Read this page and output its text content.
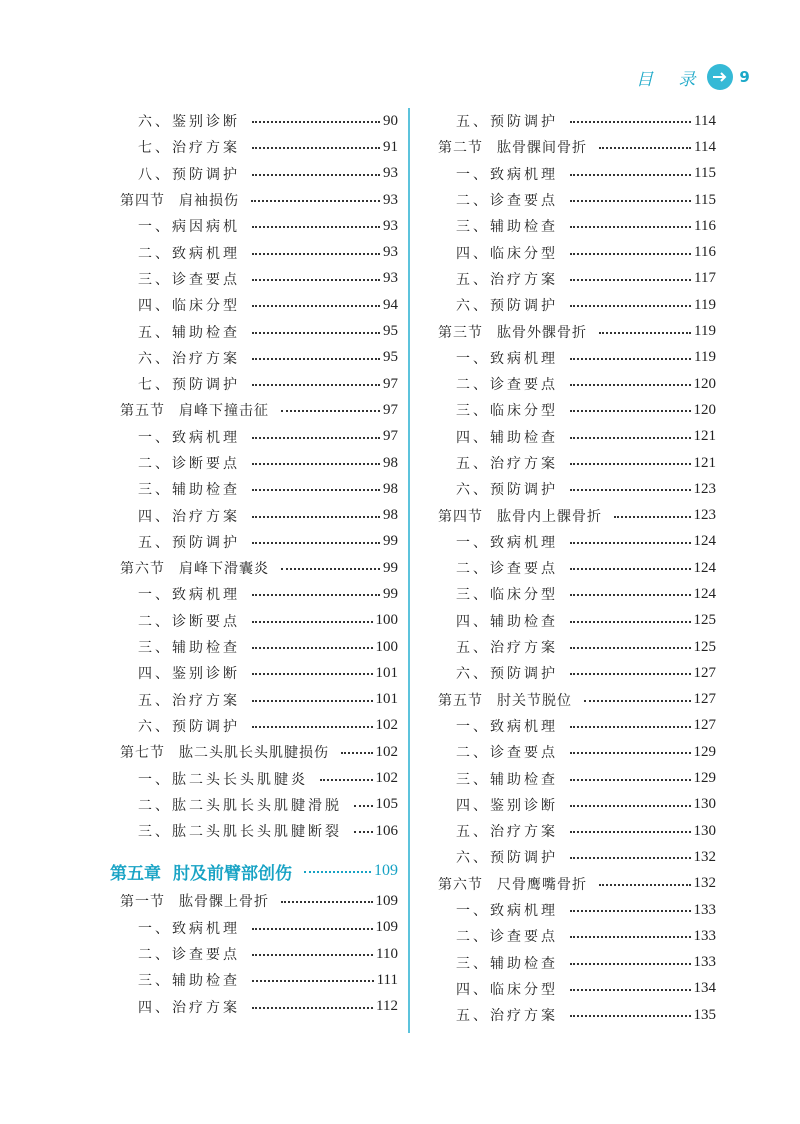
目 录 9
六、鉴别诊断	90
七、治疗方案	91
八、预防调护	93
第四节 肩袖损伤	93
一、病因病机	93
二、致病机理	93
三、诊查要点	93
四、临床分型	94
五、辅助检查	95
六、治疗方案	95
七、预防调护	97
第五节 肩峰下撞击征	97
一、致病机理	97
二、诊断要点	98
三、辅助检查	98
四、治疗方案	98
五、预防调护	99
第六节 肩峰下滑囊炎	99
一、致病机理	99
二、诊断要点	100
三、辅助检查	100
四、鉴别诊断	101
五、治疗方案	101
六、预防调护	102
第七节 肱二头肌长头肌腱损伤	102
一、肱二头长头肌腱炎	102
二、肱二头肌长头肌腱滑脱 105
三、肱二头肌长头肌腱断裂 106
第五章 肘及前臂部创伤	109
第一节 肱骨髁上骨折	109
一、致病机理	109
二、诊查要点	110
三、辅助检查	111
四、治疗方案	112
五、预防调护	114
第二节 肱骨髁间骨折	114
一、致病机理	115
二、诊查要点	115
三、辅助检查	116
四、临床分型	116
五、治疗方案	117
六、预防调护	119
第三节 肱骨外髁骨折	119
一、致病机理	119
二、诊查要点	120
三、临床分型	120
四、辅助检查	121
五、治疗方案	121
六、预防调护	123
第四节 肱骨内上髁骨折	123
一、致病机理	124
二、诊查要点	124
三、临床分型	124
四、辅助检查	125
五、治疗方案	125
六、预防调护	127
第五节 肘关节脱位	127
一、致病机理	127
二、诊查要点	129
三、辅助检查	129
四、鉴别诊断	130
五、治疗方案	130
六、预防调护	132
第六节 尺骨鹰嘴骨折	132
一、致病机理	133
二、诊查要点	133
三、辅助检查	133
四、临床分型	134
五、治疗方案	135
